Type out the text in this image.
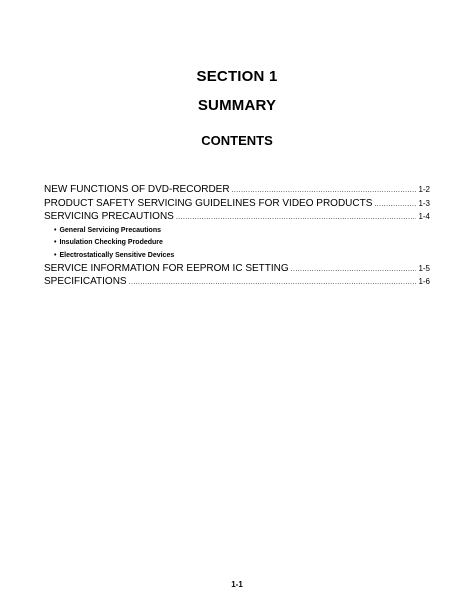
SECTION 1
SUMMARY
CONTENTS
NEW FUNCTIONS OF DVD-RECORDER .....	1-2
PRODUCT SAFETY SERVICING GUIDELINES FOR VIDEO PRODUCTS .....	1-3
SERVICING PRECAUTIONS .....	1-4
• General Servicing Precautions
• Insulation Checking Prodedure
• Electrostatically Sensitive Devices
SERVICE INFORMATION FOR EEPROM IC SETTING .....	1-5
SPECIFICATIONS .....	1-6
1-1
